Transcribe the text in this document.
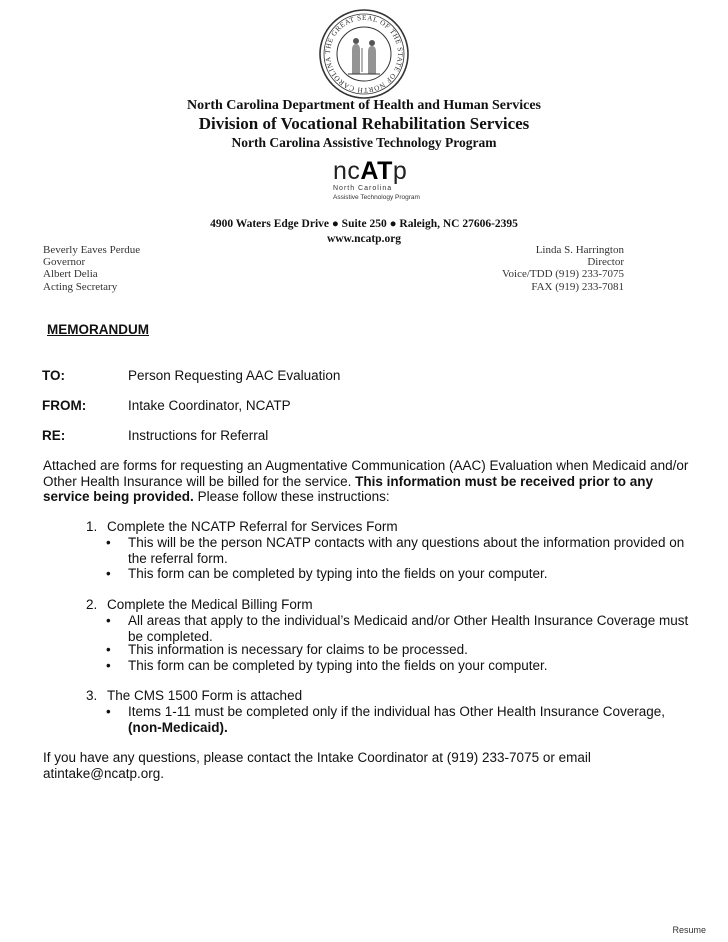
THE GREAT SEAL OF THE STATE OF NORTH CAROLINA
North Carolina Department of Health and Human Services
Division of Vocational Rehabilitation Services
North Carolina Assistive Technology Program
ncATp
North Carolina
Assistive Technology Program
4900 Waters Edge Drive ● Suite 250 ● Raleigh, NC 27606-2395
www.ncatp.org
Beverly Eaves Perdue
Governor
Albert Delia
Acting Secretary
Linda S. Harrington
Director
Voice/TDD (919) 233-7075
FAX (919) 233-7081
MEMORANDUM
TO:	Person Requesting AAC Evaluation
FROM:	Intake Coordinator, NCATP
RE:	Instructions for Referral
Attached are forms for requesting an Augmentative Communication (AAC) Evaluation when Medicaid and/or Other Health Insurance will be billed for the service. This information must be received prior to any service being provided. Please follow these instructions:
1. Complete the NCATP Referral for Services Form
• This will be the person NCATP contacts with any questions about the information provided on the referral form.
• This form can be completed by typing into the fields on your computer.
2. Complete the Medical Billing Form
• All areas that apply to the individual’s Medicaid and/or Other Health Insurance Coverage must be completed.
• This information is necessary for claims to be processed.
• This form can be completed by typing into the fields on your computer.
3. The CMS 1500 Form is attached
• Items 1-11 must be completed only if the individual has Other Health Insurance Coverage, (non-Medicaid).
If you have any questions, please contact the Intake Coordinator at (919) 233-7075 or email atintake@ncatp.org.
Resume
